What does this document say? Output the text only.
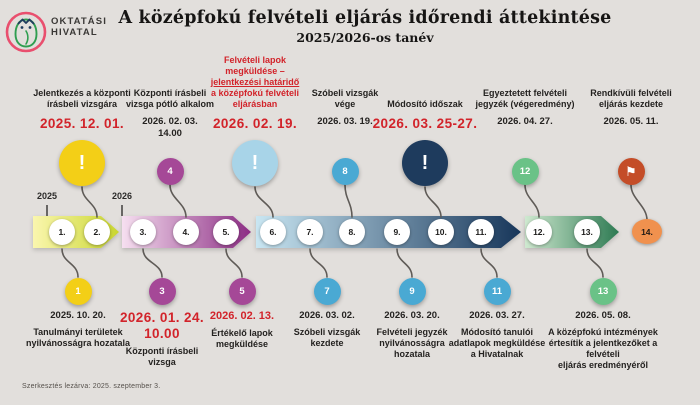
OKTATÁSI
HIVATAL
A középfokú felvételi eljárás időrendi áttekintése
2025/2026-os tanév
Szerkesztés lezárva: 2025. szeptember 3.
2025	2026
1.	2.	3.	4.	5.	6.	7.	8.	9.	10.	11.	12.	13.	14.
Jelentkezés a központi
írásbeli vizsgára
2025. 12. 01.
!
Központi írásbeli
vizsga pótló alkalom
2026. 02. 03.
14.00
4
Felvételi lapok
megküldése –
jelentkezési határidő
a középfokú felvételi
eljárásban
2026. 02. 19.
!
Szóbeli vizsgák
vége
2026. 03. 19.
8
Módosító időszak
2026. 03. 25-27.
!
Egyeztetett felvételi
jegyzék (végeredmény)
2026. 04. 27.
12
Rendkívüli felvételi
eljárás kezdete
2026. 05. 11.
⚑
1
2025. 10. 20.
Tanulmányi területek
nyilvánosságra hozatala
3
2026. 01. 24.
10.00
Központi írásbeli
vizsga
5
2026. 02. 13.
Értékelő lapok
megküldése
7
2026. 03. 02.
Szóbeli vizsgák
kezdete
9
2026. 03. 20.
Felvételi jegyzék
nyilvánosságra
hozatala
11
2026. 03. 27.
Módosító tanulói
adatlapok megküldése
a Hivatalnak
13
2026. 05. 08.
A középfokú intézmények
értesítik a jelentkezőket a
felvételi
eljárás eredményéről
